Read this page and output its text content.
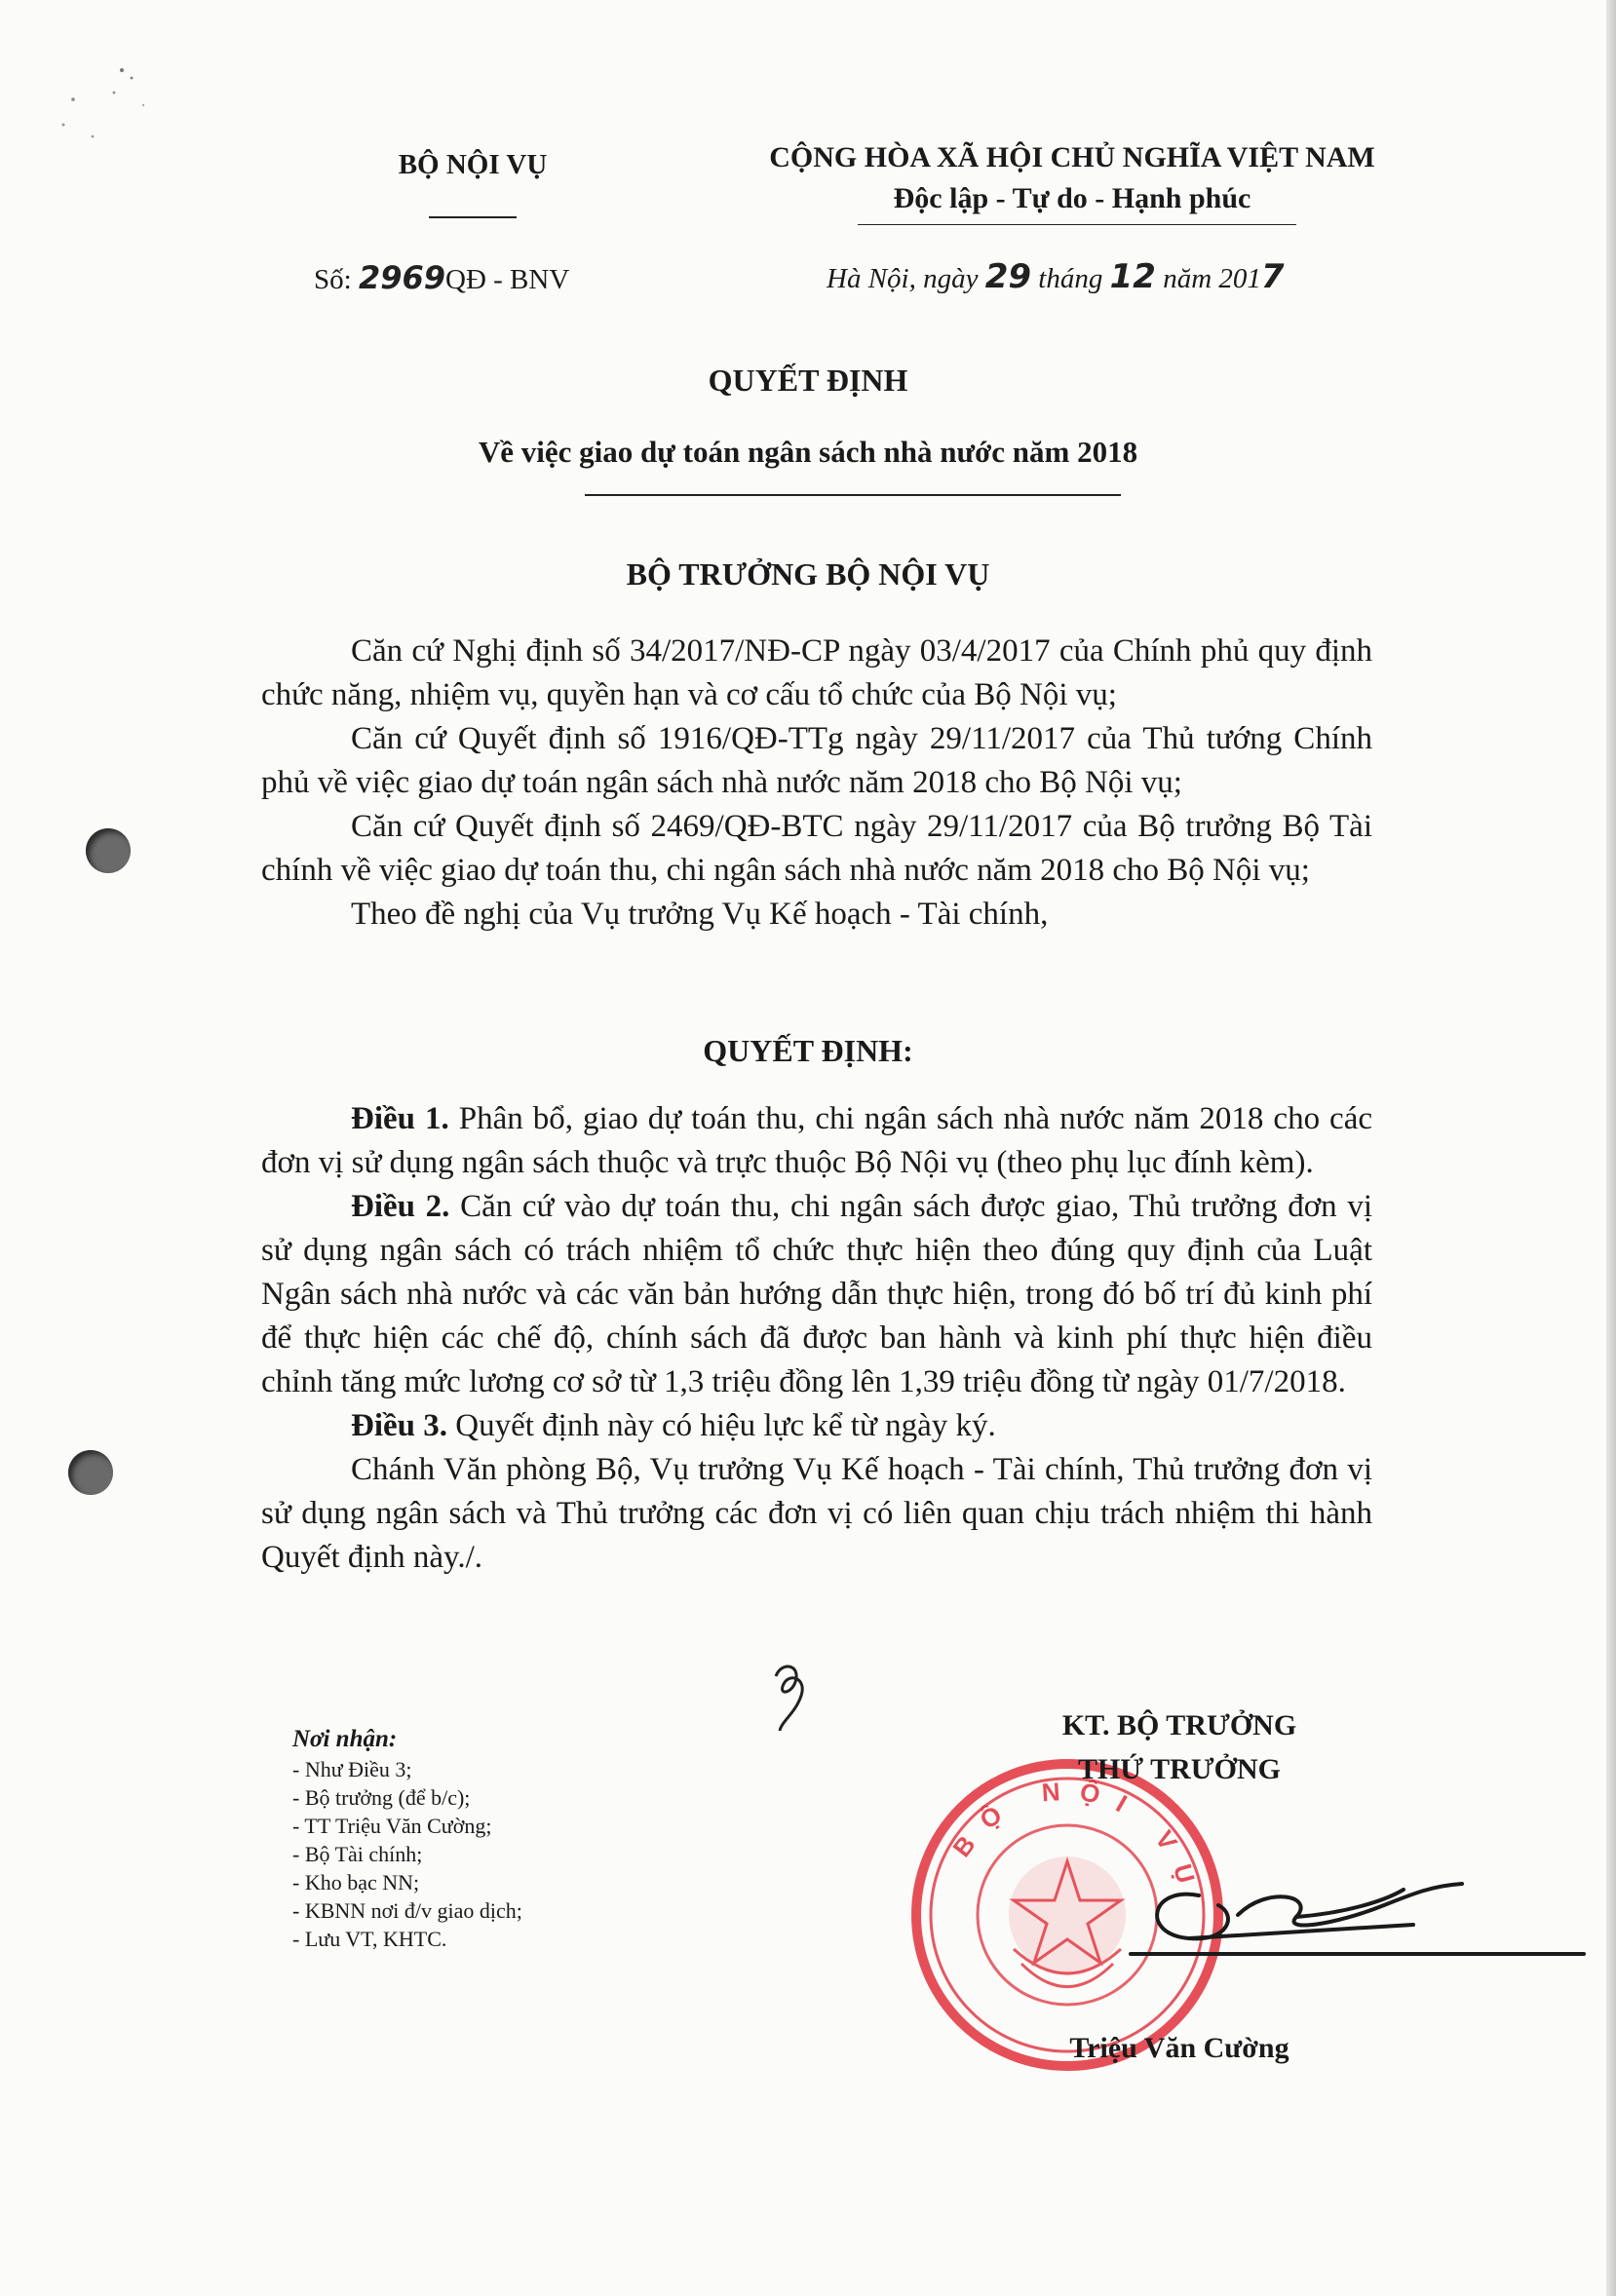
BỘ NỘI VỤ
Số: 2969QĐ - BNV
CỘNG HÒA XÃ HỘI CHỦ NGHĨA VIỆT NAM
Độc lập - Tự do - Hạnh phúc
Hà Nội, ngày 29 tháng 12 năm 2017
QUYẾT ĐỊNH
Về việc giao dự toán ngân sách nhà nước năm 2018
BỘ TRƯỞNG BỘ NỘI VỤ

Căn cứ Nghị định số 34/2017/NĐ-CP ngày 03/4/2017 của Chính phủ quy định chức năng, nhiệm vụ, quyền hạn và cơ cấu tổ chức của Bộ Nội vụ;

Căn cứ Quyết định số 1916/QĐ-TTg ngày 29/11/2017 của Thủ tướng Chính phủ về việc giao dự toán ngân sách nhà nước năm 2018 cho Bộ Nội vụ;

Căn cứ Quyết định số 2469/QĐ-BTC ngày 29/11/2017 của Bộ trưởng Bộ Tài chính về việc giao dự toán thu, chi ngân sách nhà nước năm 2018 cho Bộ Nội vụ;

Theo đề nghị của Vụ trưởng Vụ Kế hoạch - Tài chính,

QUYẾT ĐỊNH:

Điều 1. Phân bổ, giao dự toán thu, chi ngân sách nhà nước năm 2018 cho các đơn vị sử dụng ngân sách thuộc và trực thuộc Bộ Nội vụ (theo phụ lục đính kèm).

Điều 2. Căn cứ vào dự toán thu, chi ngân sách được giao, Thủ trưởng đơn vị sử dụng ngân sách có trách nhiệm tổ chức thực hiện theo đúng quy định của Luật Ngân sách nhà nước và các văn bản hướng dẫn thực hiện, trong đó bố trí đủ kinh phí để thực hiện các chế độ, chính sách đã được ban hành và kinh phí thực hiện điều chỉnh tăng mức lương cơ sở từ 1,3 triệu đồng lên 1,39 triệu đồng từ ngày 01/7/2018.

Điều 3. Quyết định này có hiệu lực kể từ ngày ký.

Chánh Văn phòng Bộ, Vụ trưởng Vụ Kế hoạch - Tài chính, Thủ trưởng đơn vị sử dụng ngân sách và Thủ trưởng các đơn vị có liên quan chịu trách nhiệm thi hành Quyết định này./.

Nơi nhận:
- Như Điều 3;
- Bộ trưởng (để b/c);
- TT Triệu Văn Cường;
- Bộ Tài chính;
- Kho bạc NN;
- KBNN nơi đ/v giao dịch;
- Lưu VT, KHTC.
BỘ NỘI VỤ
KT. BỘ TRƯỞNG
THỨ TRƯỞNG
Triệu Văn Cường
